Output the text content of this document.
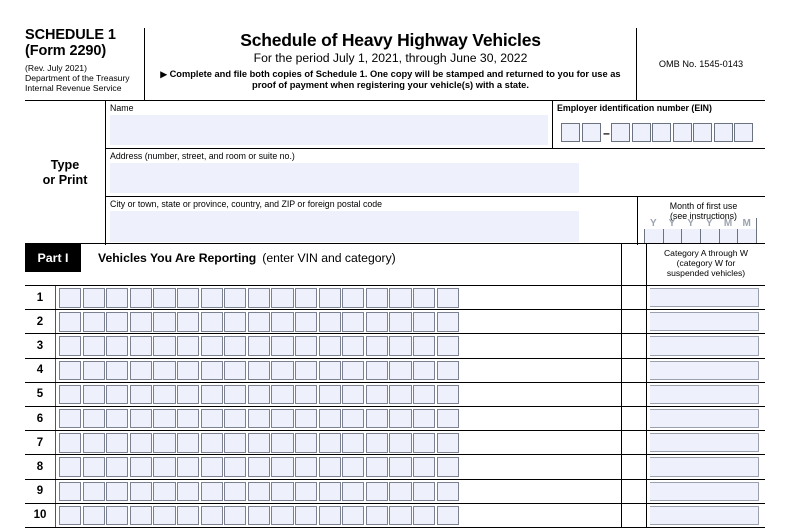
SCHEDULE 1
(Form 2290)
(Rev. July 2021)
Department of the Treasury
Internal Revenue Service
Schedule of Heavy Highway Vehicles
For the period July 1, 2021, through June 30, 2022
▶ Complete and file both copies of Schedule 1. One copy will be stamped and returned to you for use as proof of payment when registering your vehicle(s) with a state.
OMB No. 1545-0143
Type
or Print
Name	Employer identification number (EIN)
–
Address (number, street, and room or suite no.)
City or town, state or province, country, and ZIP or foreign postal code	Month of first use
(see instructions)
Y	Y	Y	Y	M	M
Part I	Vehicles You Are Reporting (enter VIN and category)	Category A through W
(category W for
suspended vehicles)
1
2
3
4
5
6
7
8
9
10
